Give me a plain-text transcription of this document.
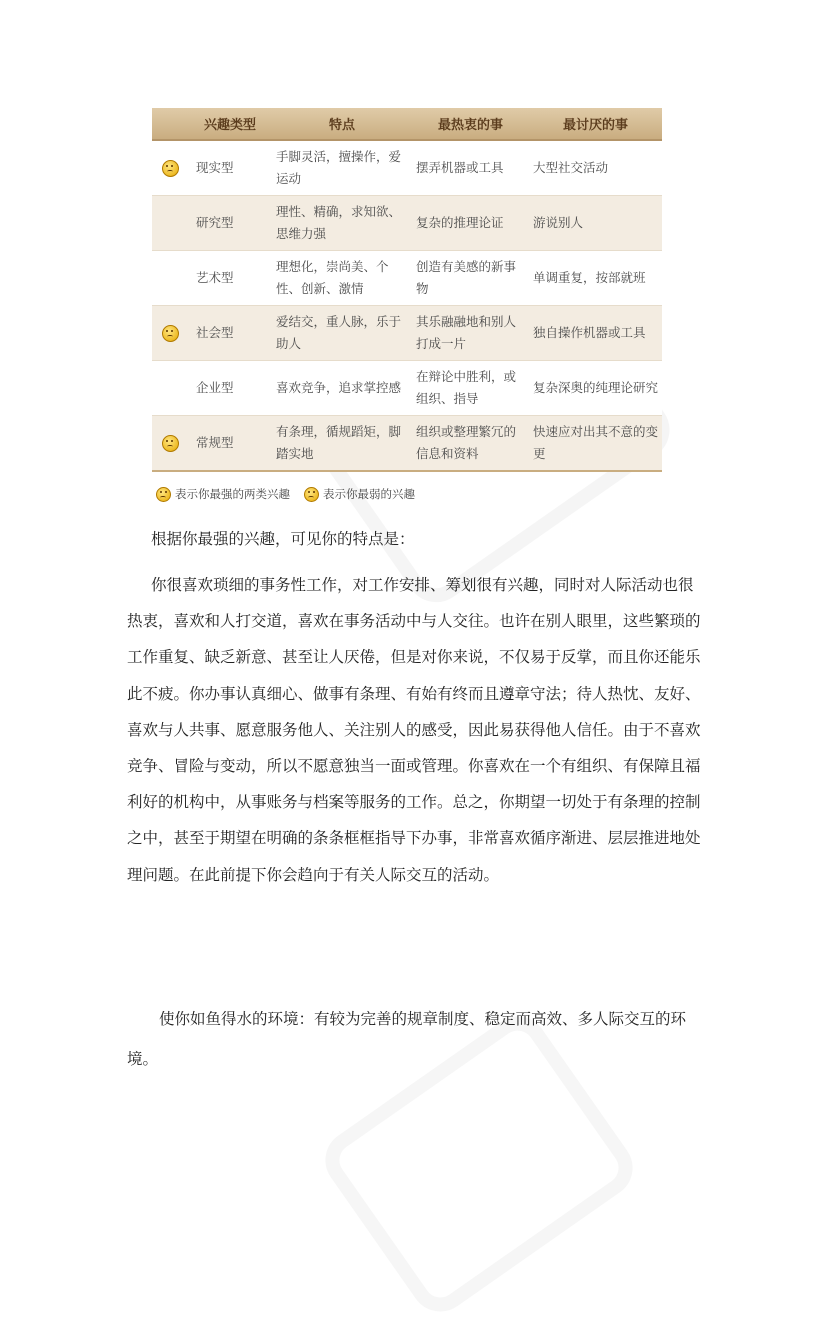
	兴趣类型	特点	最热衷的事	最讨厌的事
	现实型	手脚灵活，擅操作，爱运动	摆弄机器或工具	大型社交活动
	研究型	理性、精确，求知欲、思维力强	复杂的推理论证	游说别人
	艺术型	理想化，崇尚美、个性、创新、激情	创造有美感的新事物	单调重复，按部就班
	社会型	爱结交，重人脉，乐于助人	其乐融融地和别人打成一片	独自操作机器或工具
	企业型	喜欢竞争，追求掌控感	在辩论中胜利，或组织、指导	复杂深奥的纯理论研究
	常规型	有条理，循规蹈矩，脚踏实地	组织或整理繁冗的信息和资料	快速应对出其不意的变更
表示你最强的两类兴趣	表示你最弱的兴趣
根据你最强的兴趣，可见你的特点是：
你很喜欢琐细的事务性工作，对工作安排、筹划很有兴趣，同时对人际活动也很热衷，喜欢和人打交道，喜欢在事务活动中与人交往。也许在别人眼里，这些繁琐的工作重复、缺乏新意、甚至让人厌倦，但是对你来说，不仅易于反掌，而且你还能乐此不疲。你办事认真细心、做事有条理、有始有终而且遵章守法；待人热忱、友好、喜欢与人共事、愿意服务他人、关注别人的感受，因此易获得他人信任。由于不喜欢竞争、冒险与变动，所以不愿意独当一面或管理。你喜欢在一个有组织、有保障且福利好的机构中，从事账务与档案等服务的工作。总之，你期望一切处于有条理的控制之中，甚至于期望在明确的条条框框指导下办事，非常喜欢循序渐进、层层推进地处理问题。在此前提下你会趋向于有关人际交互的活动。
使你如鱼得水的环境：有较为完善的规章制度、稳定而高效、多人际交互的环境。
